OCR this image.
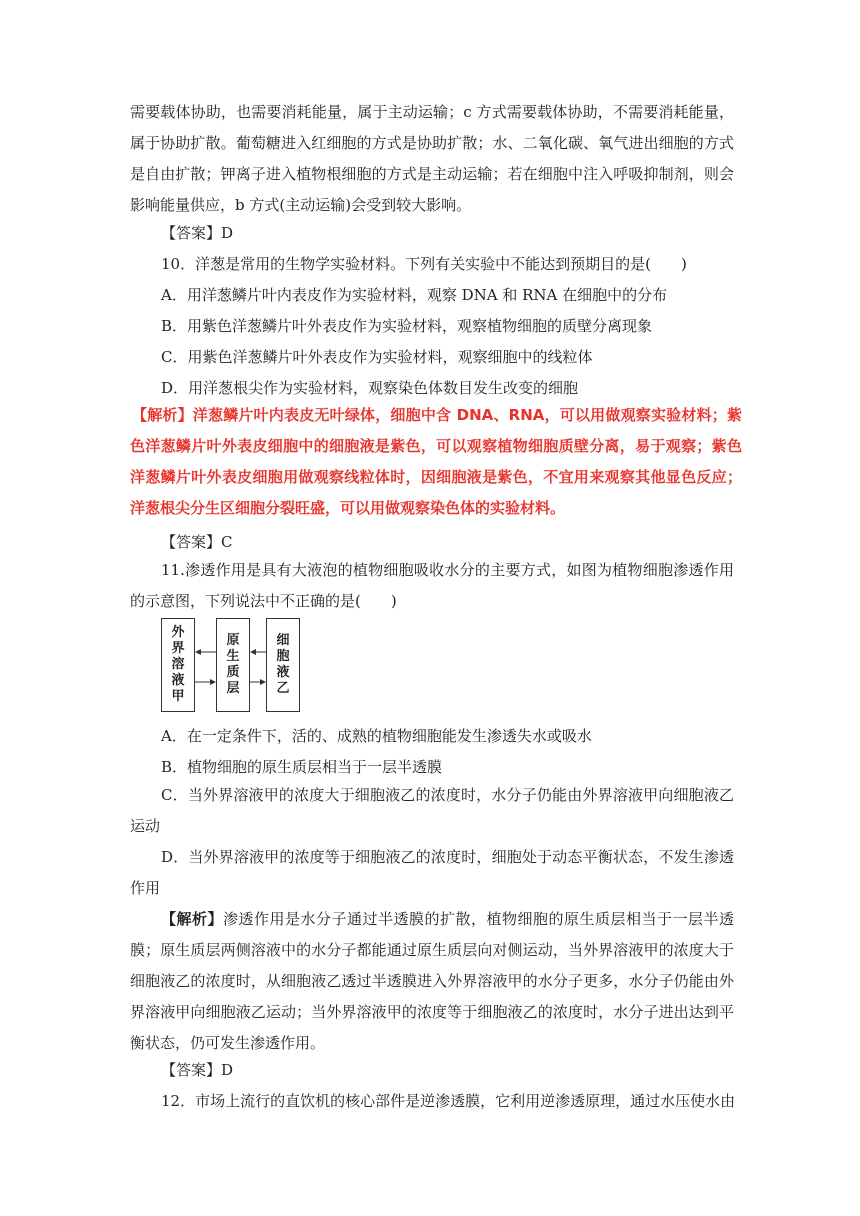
需要载体协助，也需要消耗能量，属于主动运输；c 方式需要载体协助，不需要消耗能量，属于协助扩散。葡萄糖进入红细胞的方式是协助扩散；水、二氧化碳、氧气进出细胞的方式是自由扩散；钾离子进入植物根细胞的方式是主动运输；若在细胞中注入呼吸抑制剂，则会影响能量供应，b 方式(主动运输)会受到较大影响。

【答案】D

10．洋葱是常用的生物学实验材料。下列有关实验中不能达到预期目的是(　　)

A．用洋葱鳞片叶内表皮作为实验材料，观察 DNA 和 RNA 在细胞中的分布

B．用紫色洋葱鳞片叶外表皮作为实验材料，观察植物细胞的质壁分离现象

C．用紫色洋葱鳞片叶外表皮作为实验材料，观察细胞中的线粒体

D．用洋葱根尖作为实验材料，观察染色体数目发生改变的细胞

【解析】洋葱鳞片叶内表皮无叶绿体，细胞中含 DNA、RNA，可以用做观察实验材料；紫色洋葱鳞片叶外表皮细胞中的细胞液是紫色，可以观察植物细胞质壁分离，易于观察；紫色洋葱鳞片叶外表皮细胞用做观察线粒体时，因细胞液是紫色，不宜用来观察其他显色反应；洋葱根尖分生区细胞分裂旺盛，可以用做观察染色体的实验材料。

【答案】C

11.渗透作用是具有大液泡的植物细胞吸收水分的主要方式，如图为植物细胞渗透作用的示意图，下列说法中不正确的是(　　)

外界溶液甲
原生质层
细胞液乙

A．在一定条件下，活的、成熟的植物细胞能发生渗透失水或吸水

B．植物细胞的原生质层相当于一层半透膜

C．当外界溶液甲的浓度大于细胞液乙的浓度时，水分子仍能由外界溶液甲向细胞液乙运动

D．当外界溶液甲的浓度等于细胞液乙的浓度时，细胞处于动态平衡状态，不发生渗透作用

【解析】渗透作用是水分子通过半透膜的扩散，植物细胞的原生质层相当于一层半透膜；原生质层两侧溶液中的水分子都能通过原生质层向对侧运动，当外界溶液甲的浓度大于细胞液乙的浓度时，从细胞液乙透过半透膜进入外界溶液甲的水分子更多，水分子仍能由外界溶液甲向细胞液乙运动；当外界溶液甲的浓度等于细胞液乙的浓度时，水分子进出达到平衡状态，仍可发生渗透作用。

【答案】D

12．市场上流行的直饮机的核心部件是逆渗透膜，它利用逆渗透原理，通过水压使水由
